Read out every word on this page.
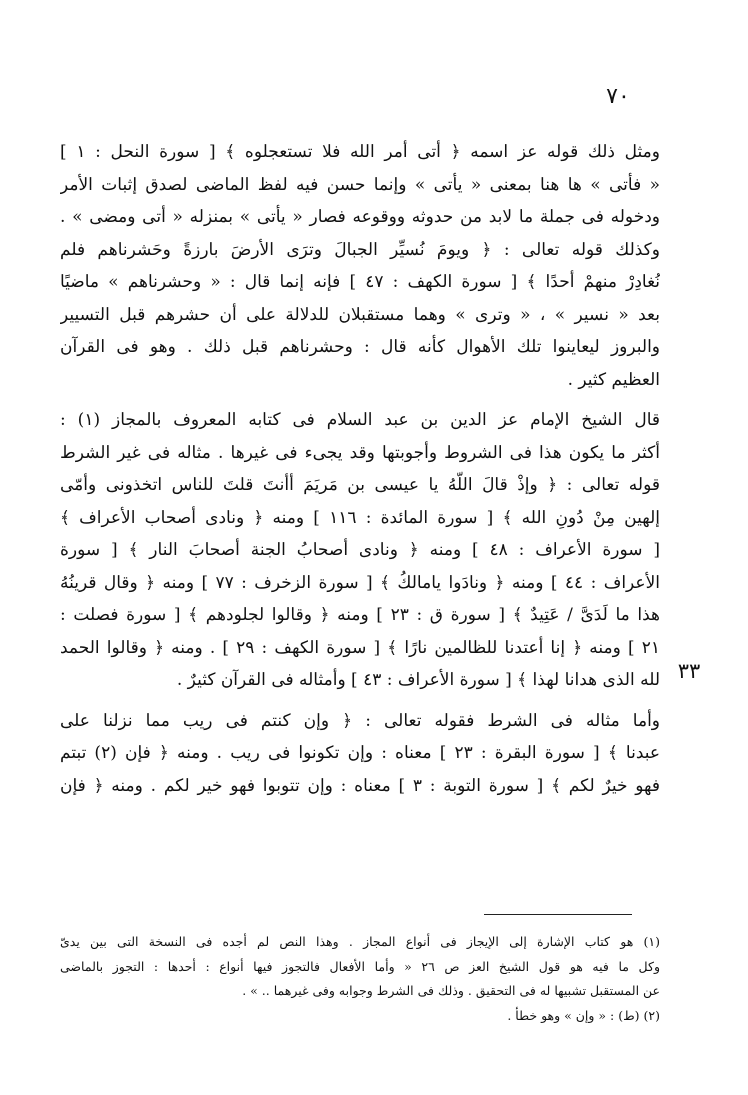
٧٠
٣٣
ومثل ذلك قوله عز اسمه ﴿ أتى أمر الله فلا تستعجلوه ﴾ [ سورة النحل : ١ ]
« فأتى » ها هنا بمعنى « يأتى » وإنما حسن فيه لفظ الماضى لصدق إثبات الأمر
ودخوله فى جملة ما لابد من حدوثه ووقوعه فصار « يأتى » بمنزله « أتى ومضى » .
وكذلك قوله تعالى : ﴿ ويومَ نُسيِّر الجبالَ وترَى الأرضَ بارزةً وحَشرناهم فلم
نُغادِرْ منهمْ أحدًا ﴾ [ سورة الكهف : ٤٧ ] فإنه إنما قال : « وحشرناهم » ماضيًا
بعد « نسير » ، « وترى » وهما مستقبلان للدلالة على أن حشرهم قبل التسيير
والبروز ليعاينوا تلك الأهوال كأنه قال : وحشرناهم قبل ذلك . وهو فى القرآن
العظيم كثير .
قال الشيخ الإمام عز الدين بن عبد السلام فى كتابه المعروف بالمجاز (١) :
أكثر ما يكون هذا فى الشروط وأجوبتها وقد يجىء فى غيرها . مثاله فى غير الشرط
قوله تعالى : ﴿ وإذْ قالَ اللّهُ يا عيسى بن مَريَمَ أأنتَ قلتَ للناس اتخذونى وأمّى
إلهين مِنْ دُونِ الله ﴾ [ سورة المائدة : ١١٦ ] ومنه ﴿ ونادى أصحاب الأعراف ﴾
[ سورة الأعراف : ٤٨ ] ومنه ﴿ ونادى أصحابُ الجنة أصحابَ النار ﴾ [ سورة
الأعراف : ٤٤ ] ومنه ﴿ ونادَوا يامالكُ ﴾ [ سورة الزخرف : ٧٧ ] ومنه ﴿ وقال قرينُهُ
هذا ما لَدَىَّ / عَتِيدٌ ﴾ [ سورة ق : ٢٣ ] ومنه ﴿ وقالوا لجلودهم ﴾ [ سورة فصلت :
٢١ ] ومنه ﴿ إنا أعتدنا للظالمين نارًا ﴾ [ سورة الكهف : ٢٩ ] . ومنه ﴿ وقالوا الحمد
لله الذى هدانا لهذا ﴾ [ سورة الأعراف : ٤٣ ] وأمثاله فى القرآن كثيرٌ .
وأما مثاله فى الشرط فقوله تعالى : ﴿ وإن كنتم فى ريب مما نزلنا على
عبدنا ﴾ [ سورة البقرة : ٢٣ ] معناه : وإن تكونوا فى ريب . ومنه ﴿ فإن (٢) تبتم
فهو خيرٌ لكم ﴾ [ سورة التوبة : ٣ ] معناه : وإن تتوبوا فهو خير لكم . ومنه ﴿ فإن
(١) هو كتاب الإشارة إلى الإيجاز فى أنواع المجاز . وهذا النص لم أجده فى النسخة التى بين يدىّ
وكل ما فيه هو قول الشيخ العز ص ٢٦ « وأما الأفعال فالتجوز فيها أنواع : أحدها : التجوز بالماضى
عن المستقبل تشبيها له فى التحقيق . وذلك فى الشرط وجوابه وفى غيرهما .. » .
(٢) (ط) : « وإن » وهو خطأ .
